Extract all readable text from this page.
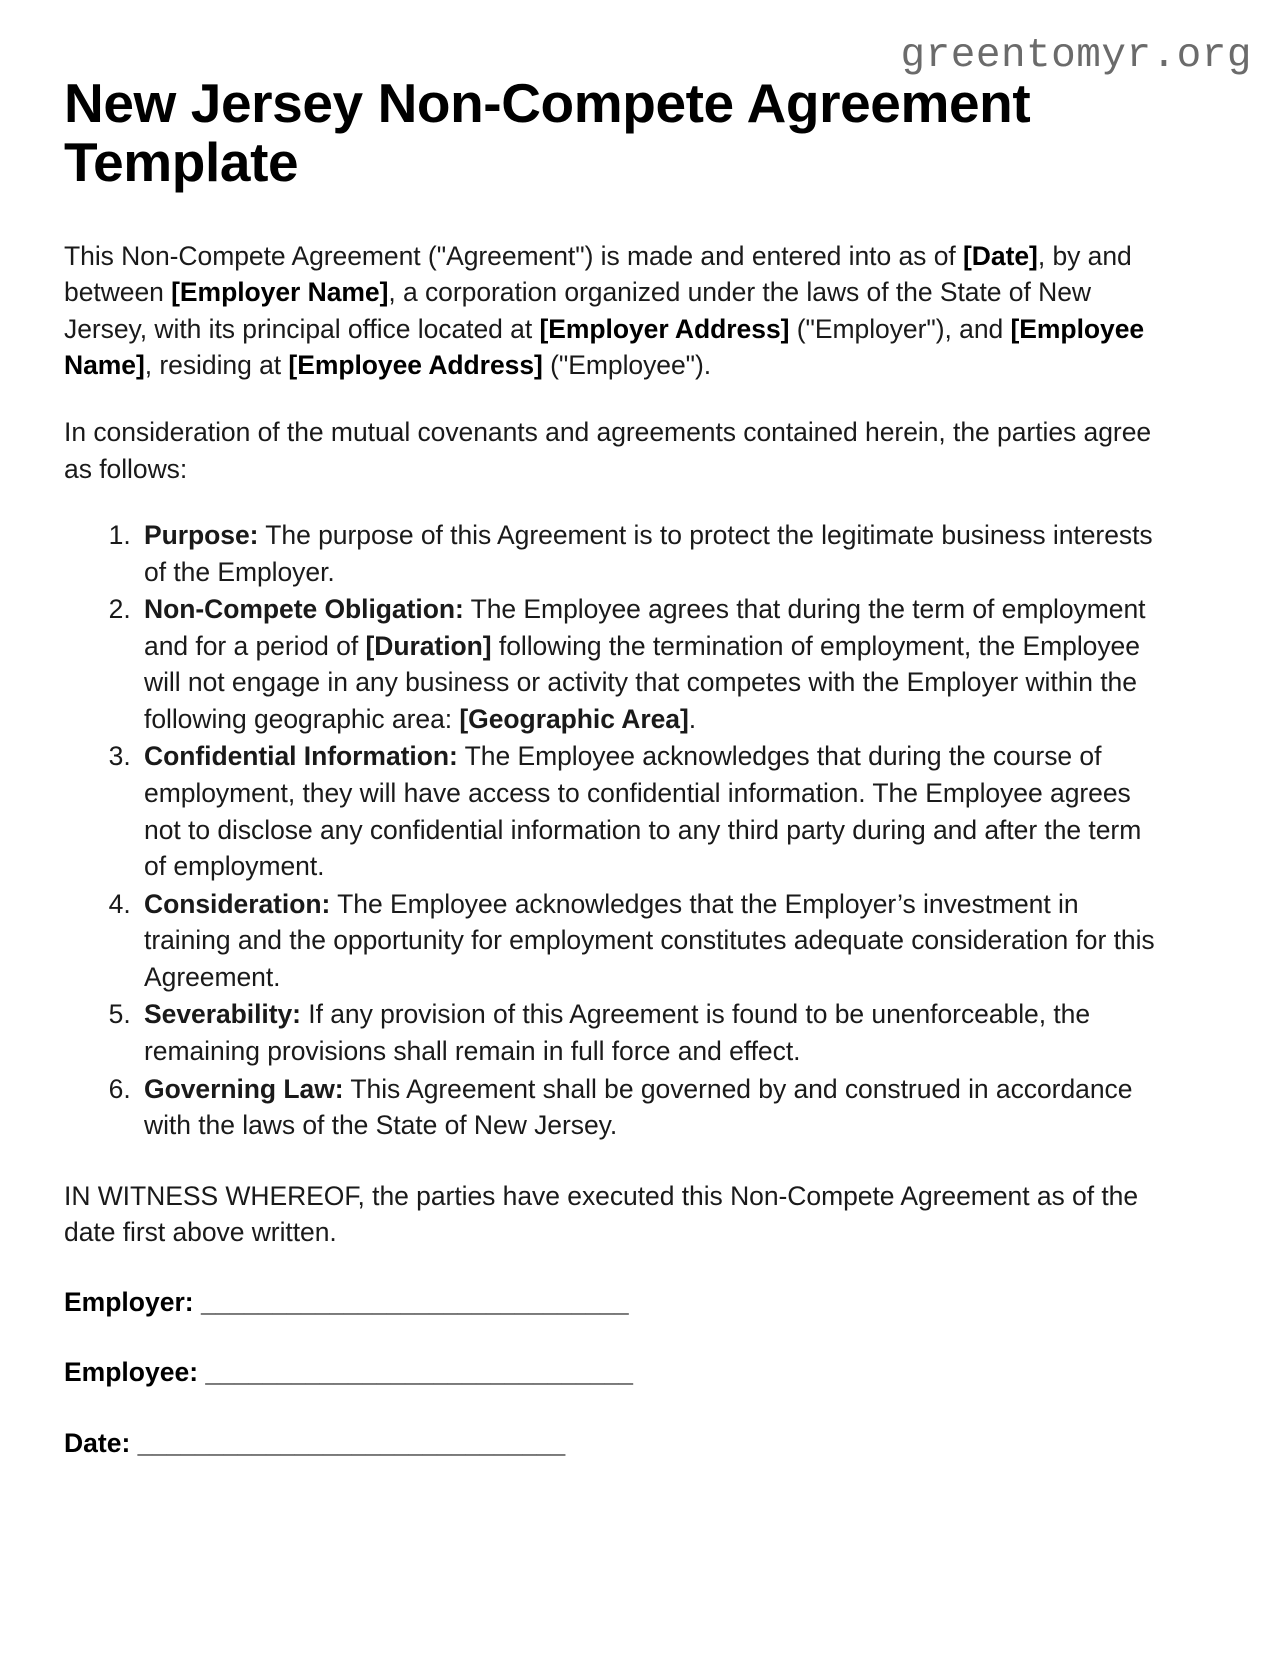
greentomyr.org
New Jersey Non-Compete Agreement Template

This Non-Compete Agreement ("Agreement") is made and entered into as of [Date], by and between [Employer Name], a corporation organized under the laws of the State of New Jersey, with its principal office located at [Employer Address] ("Employer"), and [Employee Name], residing at [Employee Address] ("Employee").

In consideration of the mutual covenants and agreements contained herein, the parties agree as follows:

1. Purpose: The purpose of this Agreement is to protect the legitimate business interests of the Employer.
2. Non-Compete Obligation: The Employee agrees that during the term of employment and for a period of [Duration] following the termination of employment, the Employee will not engage in any business or activity that competes with the Employer within the following geographic area: [Geographic Area].
3. Confidential Information: The Employee acknowledges that during the course of employment, they will have access to confidential information. The Employee agrees not to disclose any confidential information to any third party during and after the term of employment.
4. Consideration: The Employee acknowledges that the Employer’s investment in training and the opportunity for employment constitutes adequate consideration for this Agreement.
5. Severability: If any provision of this Agreement is found to be unenforceable, the remaining provisions shall remain in full force and effect.
6. Governing Law: This Agreement shall be governed by and construed in accordance with the laws of the State of New Jersey.

IN WITNESS WHEREOF, the parties have executed this Non-Compete Agreement as of the date first above written.

Employer: ______________________________

Employee: ______________________________

Date: ______________________________
